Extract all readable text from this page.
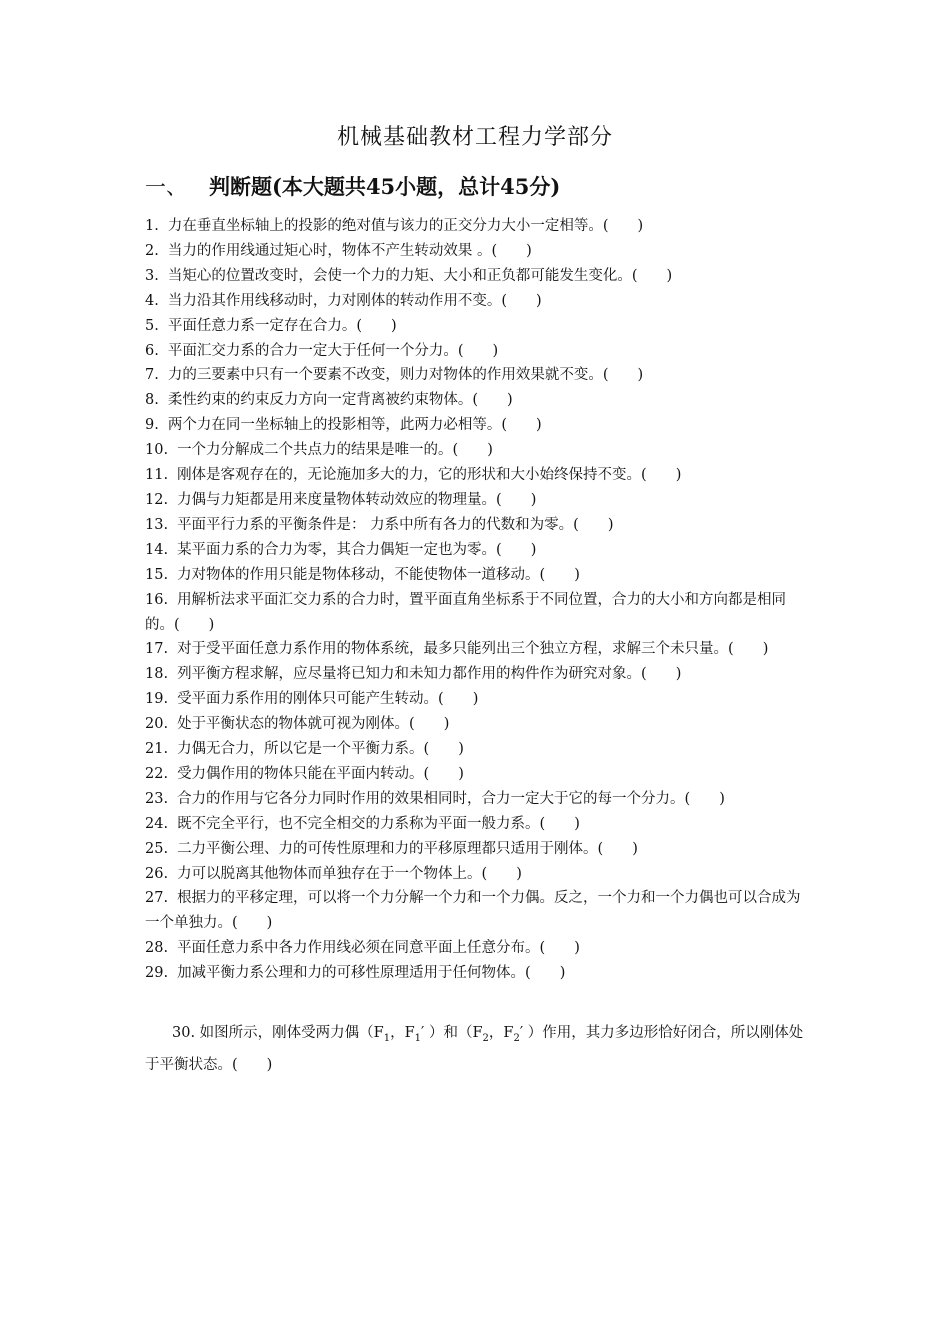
机械基础教材工程力学部分
一、 判断题(本大题共45小题，总计45分)
1. 力在垂直坐标轴上的投影的绝对值与该力的正交分力大小一定相等。(　　)
2. 当力的作用线通过矩心时，物体不产生转动效果 。(　　)
3. 当矩心的位置改变时，会使一个力的力矩、大小和正负都可能发生变化。(　　)
4. 当力沿其作用线移动时，力对刚体的转动作用不变。(　　)
5. 平面任意力系一定存在合力。(　　)
6. 平面汇交力系的合力一定大于任何一个分力。(　　)
7. 力的三要素中只有一个要素不改变，则力对物体的作用效果就不变。(　　)
8. 柔性约束的约束反力方向一定背离被约束物体。(　　)
9. 两个力在同一坐标轴上的投影相等，此两力必相等。(　　)
10. 一个力分解成二个共点力的结果是唯一的。(　　)
11. 刚体是客观存在的，无论施加多大的力，它的形状和大小始终保持不变。(　　)
12. 力偶与力矩都是用来度量物体转动效应的物理量。(　　)
13. 平面平行力系的平衡条件是： 力系中所有各力的代数和为零。(　　)
14. 某平面力系的合力为零，其合力偶矩一定也为零。(　　)
15. 力对物体的作用只能是物体移动，不能使物体一道移动。(　　)
16. 用解析法求平面汇交力系的合力时，置平面直角坐标系于不同位置，合力的大小和方向都是相同的。(　　)
17. 对于受平面任意力系作用的物体系统，最多只能列出三个独立方程，求解三个未只量。(　　)
18. 列平衡方程求解，应尽量将已知力和未知力都作用的构件作为研究对象。(　　)
19. 受平面力系作用的刚体只可能产生转动。(　　)
20. 处于平衡状态的物体就可视为刚体。(　　)
21. 力偶无合力，所以它是一个平衡力系。(　　)
22. 受力偶作用的物体只能在平面内转动。(　　)
23. 合力的作用与它各分力同时作用的效果相同时，合力一定大于它的每一个分力。(　　)
24. 既不完全平行，也不完全相交的力系称为平面一般力系。(　　)
25. 二力平衡公理、力的可传性原理和力的平移原理都只适用于刚体。(　　)
26. 力可以脱离其他物体而单独存在于一个物体上。(　　)
27. 根据力的平移定理，可以将一个力分解一个力和一个力偶。反之，一个力和一个力偶也可以合成为一个单独力。(　　)
28. 平面任意力系中各力作用线必须在同意平面上任意分布。(　　)
29. 加减平衡力系公理和力的可移性原理适用于任何物体。(　　)
30. 如图所示，刚体受两力偶（$F_1$，$F_1'$ ）和（$F_2$，$F_2'$ ）作用，其力多边形恰好闭合，所以刚体处于平衡状态。(　　)
